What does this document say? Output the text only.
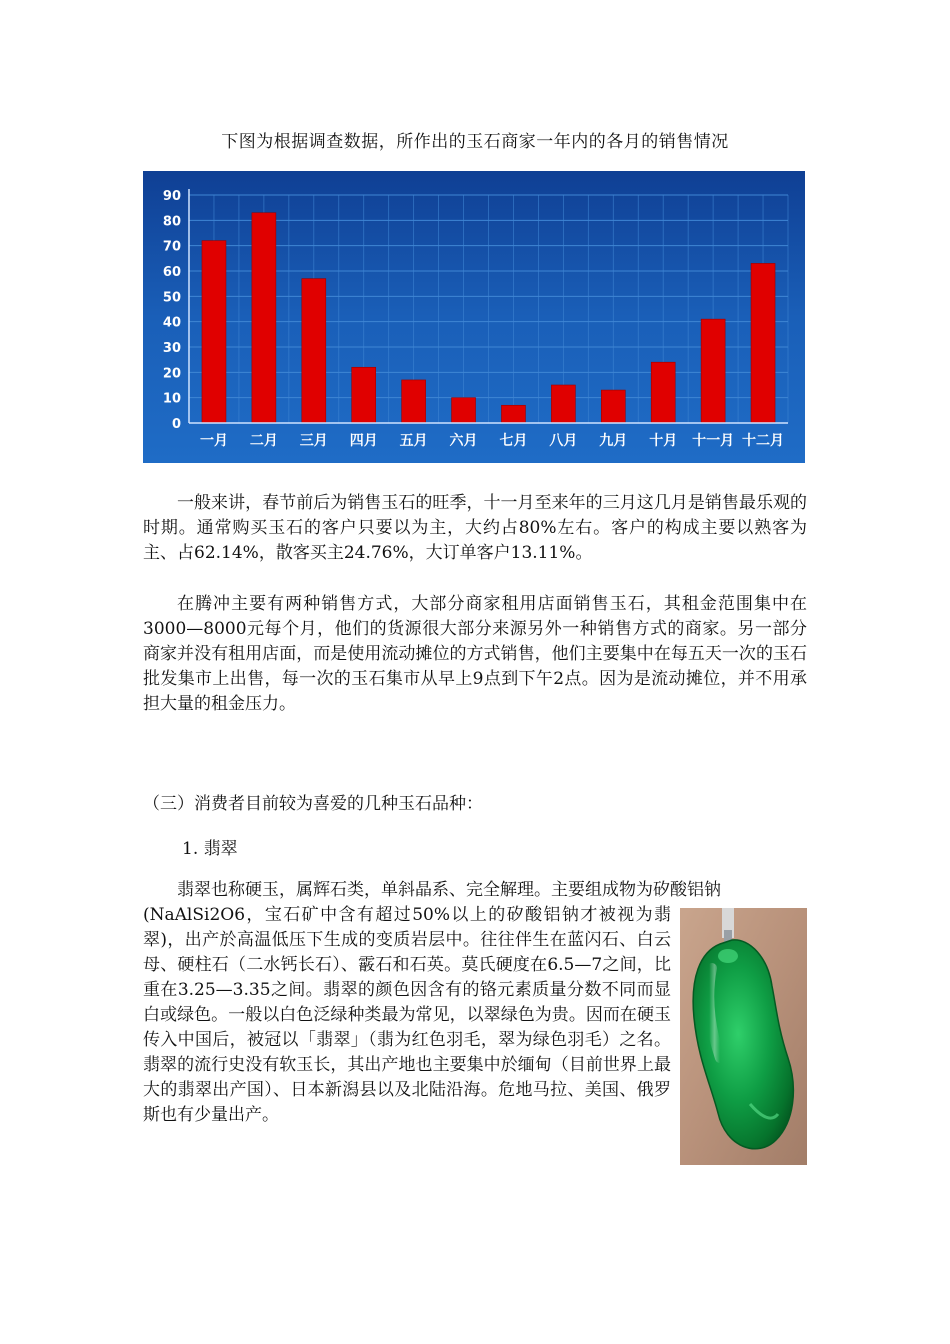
下图为根据调查数据，所作出的玉石商家一年内的各月的销售情况
0
10
20
30
40
50
60
70
80
90
一月 二月 三月 四月 五月 六月 七月 八月 九月 十月 十一月 十二月

一般来讲，春节前后为销售玉石的旺季，十一月至来年的三月这几月是销售最乐观的时期。通常购买玉石的客户只要以为主，大约占80%左右。客户的构成主要以熟客为主、占62.14%，散客买主24.76%，大订单客户13.11%。

在腾冲主要有两种销售方式，大部分商家租用店面销售玉石，其租金范围集中在3000—8000元每个月，他们的货源很大部分来源另外一种销售方式的商家。另一部分商家并没有租用店面，而是使用流动摊位的方式销售，他们主要集中在每五天一次的玉石批发集市上出售，每一次的玉石集市从早上9点到下午2点。因为是流动摊位，并不用承担大量的租金压力。

（三）消费者目前较为喜爱的几种玉石品种：

1. 翡翠

翡翠也称硬玉，属辉石类，单斜晶系、完全解理。主要组成物为矽酸铝钠

(NaAlSi2O6，宝石矿中含有超过50%以上的矽酸铝钠才被视为翡翠)，出产於高温低压下生成的变质岩层中。往往伴生在蓝闪石、白云母、硬柱石（二水钙长石）、霰石和石英。莫氏硬度在6.5—7之间，比重在3.25—3.35之间。翡翠的颜色因含有的铬元素质量分数不同而显白或绿色。一般以白色泛绿种类最为常见，以翠绿色为贵。因而在硬玉传入中国后，被冠以「翡翠」（翡为红色羽毛，翠为绿色羽毛）之名。翡翠的流行史没有软玉长，其出产地也主要集中於缅甸（目前世界上最大的翡翠出产国）、日本新潟县以及北陆沿海。危地马拉、美国、俄罗斯也有少量出产。
